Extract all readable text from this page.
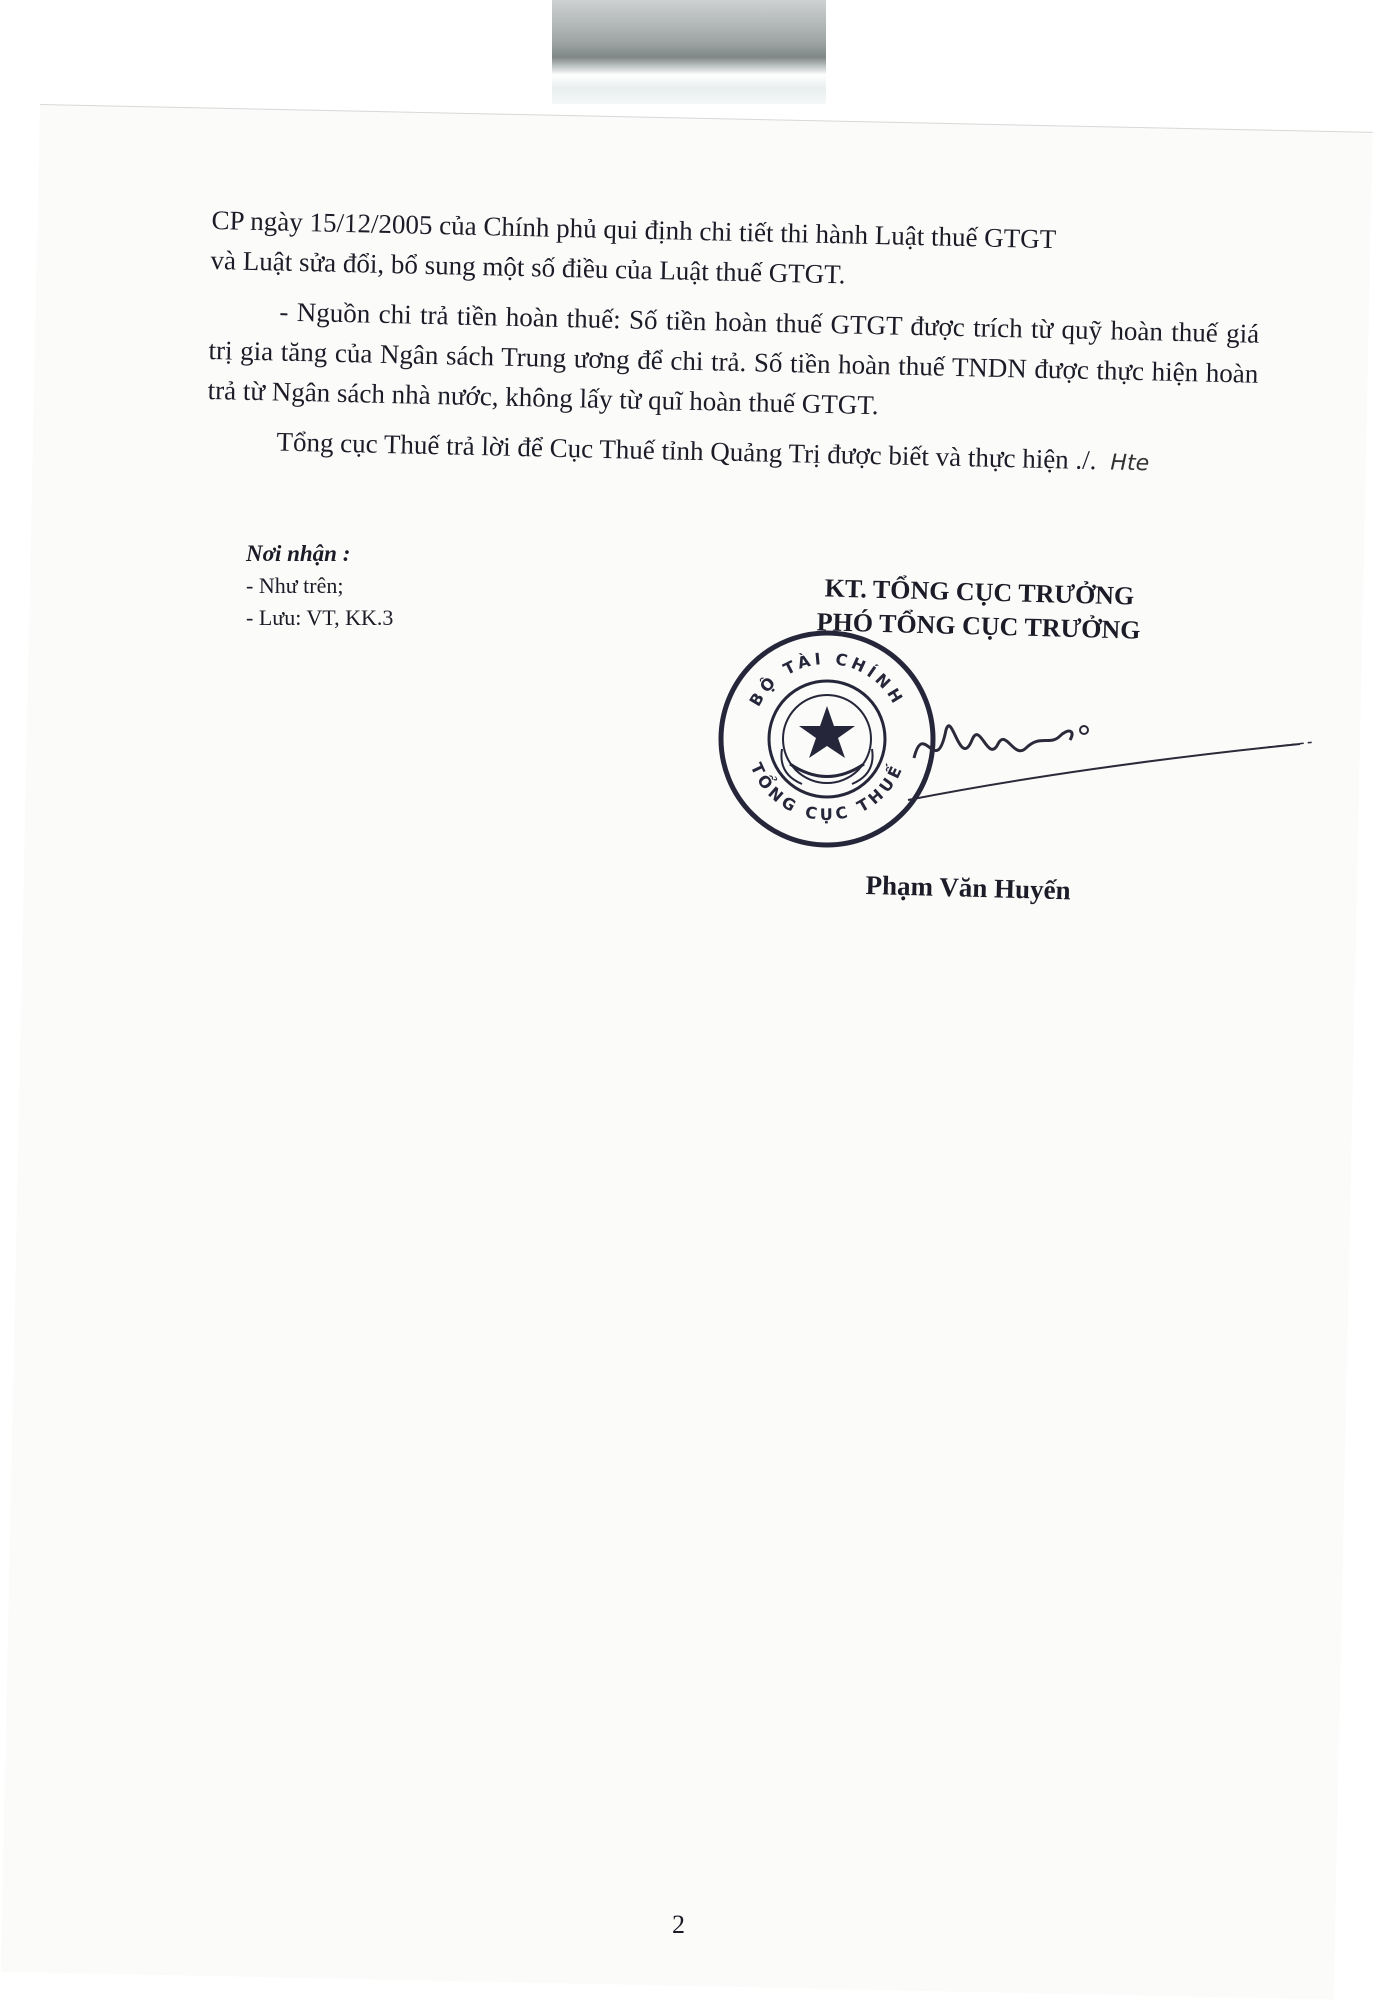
CP ngày 15/12/2005 của Chính phủ qui định chi tiết thi hành Luật thuế GTGT
và Luật sửa đổi, bổ sung một số điều của Luật thuế GTGT.

- Nguồn chi trả tiền hoàn thuế: Số tiền hoàn thuế GTGT được trích từ quỹ hoàn thuế giá trị gia tăng của Ngân sách Trung ương để chi trả. Số tiền hoàn thuế TNDN được thực hiện hoàn trả từ Ngân sách nhà nước, không lấy từ quĩ hoàn thuế GTGT.

Tổng cục Thuế trả lời để Cục Thuế tỉnh Quảng Trị được biết và thực hiện ./. Hte

Nơi nhận :
- Như trên;
- Lưu: VT, KK.3
KT. TỔNG CỤC TRƯỞNG
PHÓ TỔNG CỤC TRƯỞNG
BỘ TÀI CHÍNH
TỔNG CỤC THUẾ
Phạm Văn Huyến
2
